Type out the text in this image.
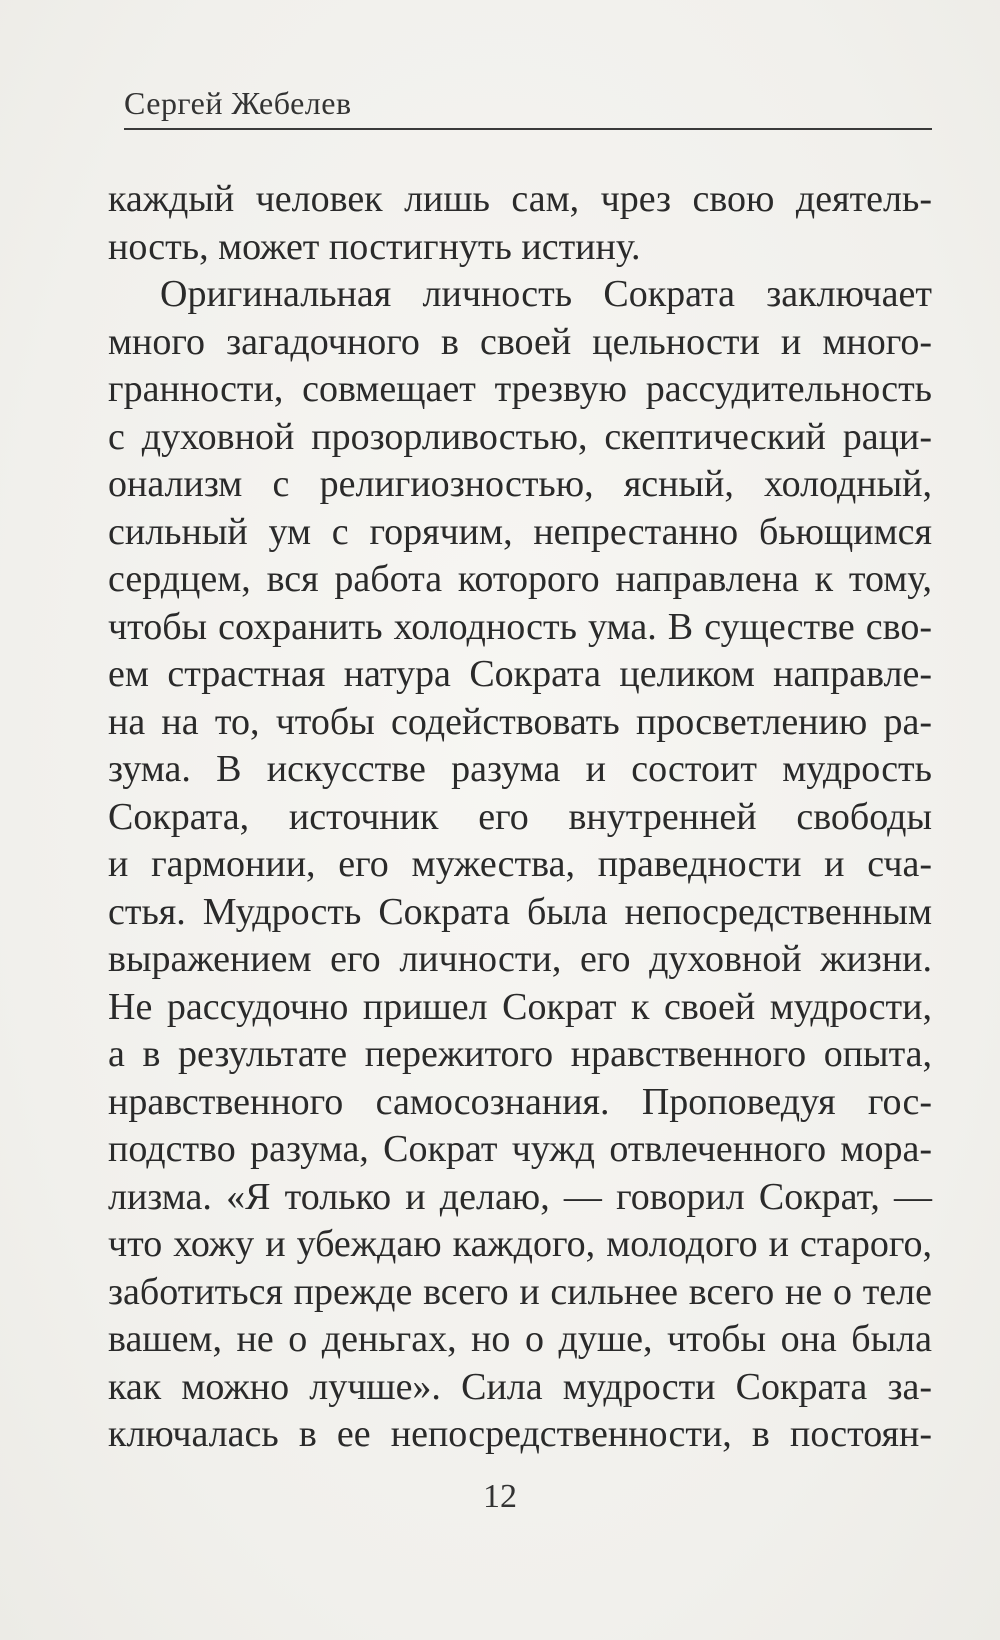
Сергей Жебелев
каждый человек лишь сам, чрез свою деятель-
ность, может постигнуть истину.
Оригинальная личность Сократа заключает
много загадочного в своей цельности и много-
гранности, совмещает трезвую рассудительность
с духовной прозорливостью, скептический раци-
онализм с религиозностью, ясный, холодный,
сильный ум с горячим, непрестанно бьющимся
сердцем, вся работа которого направлена к тому,
чтобы сохранить холодность ума. В существе сво-
ем страстная натура Сократа целиком направле-
на на то, чтобы содействовать просветлению ра-
зума. В искусстве разума и состоит мудрость
Сократа, источник его внутренней свободы
и гармонии, его мужества, праведности и сча-
стья. Мудрость Сократа была непосредственным
выражением его личности, его духовной жизни.
Не рассудочно пришел Сократ к своей мудрости,
а в результате пережитого нравственного опыта,
нравственного самосознания. Проповедуя гос-
подство разума, Сократ чужд отвлеченного мора-
лизма. «Я только и делаю, — говорил Сократ, —
что хожу и убеждаю каждого, молодого и старого,
заботиться прежде всего и сильнее всего не о теле
вашем, не о деньгах, но о душе, чтобы она была
как можно лучше». Сила мудрости Сократа за-
ключалась в ее непосредственности, в постоян-
12
